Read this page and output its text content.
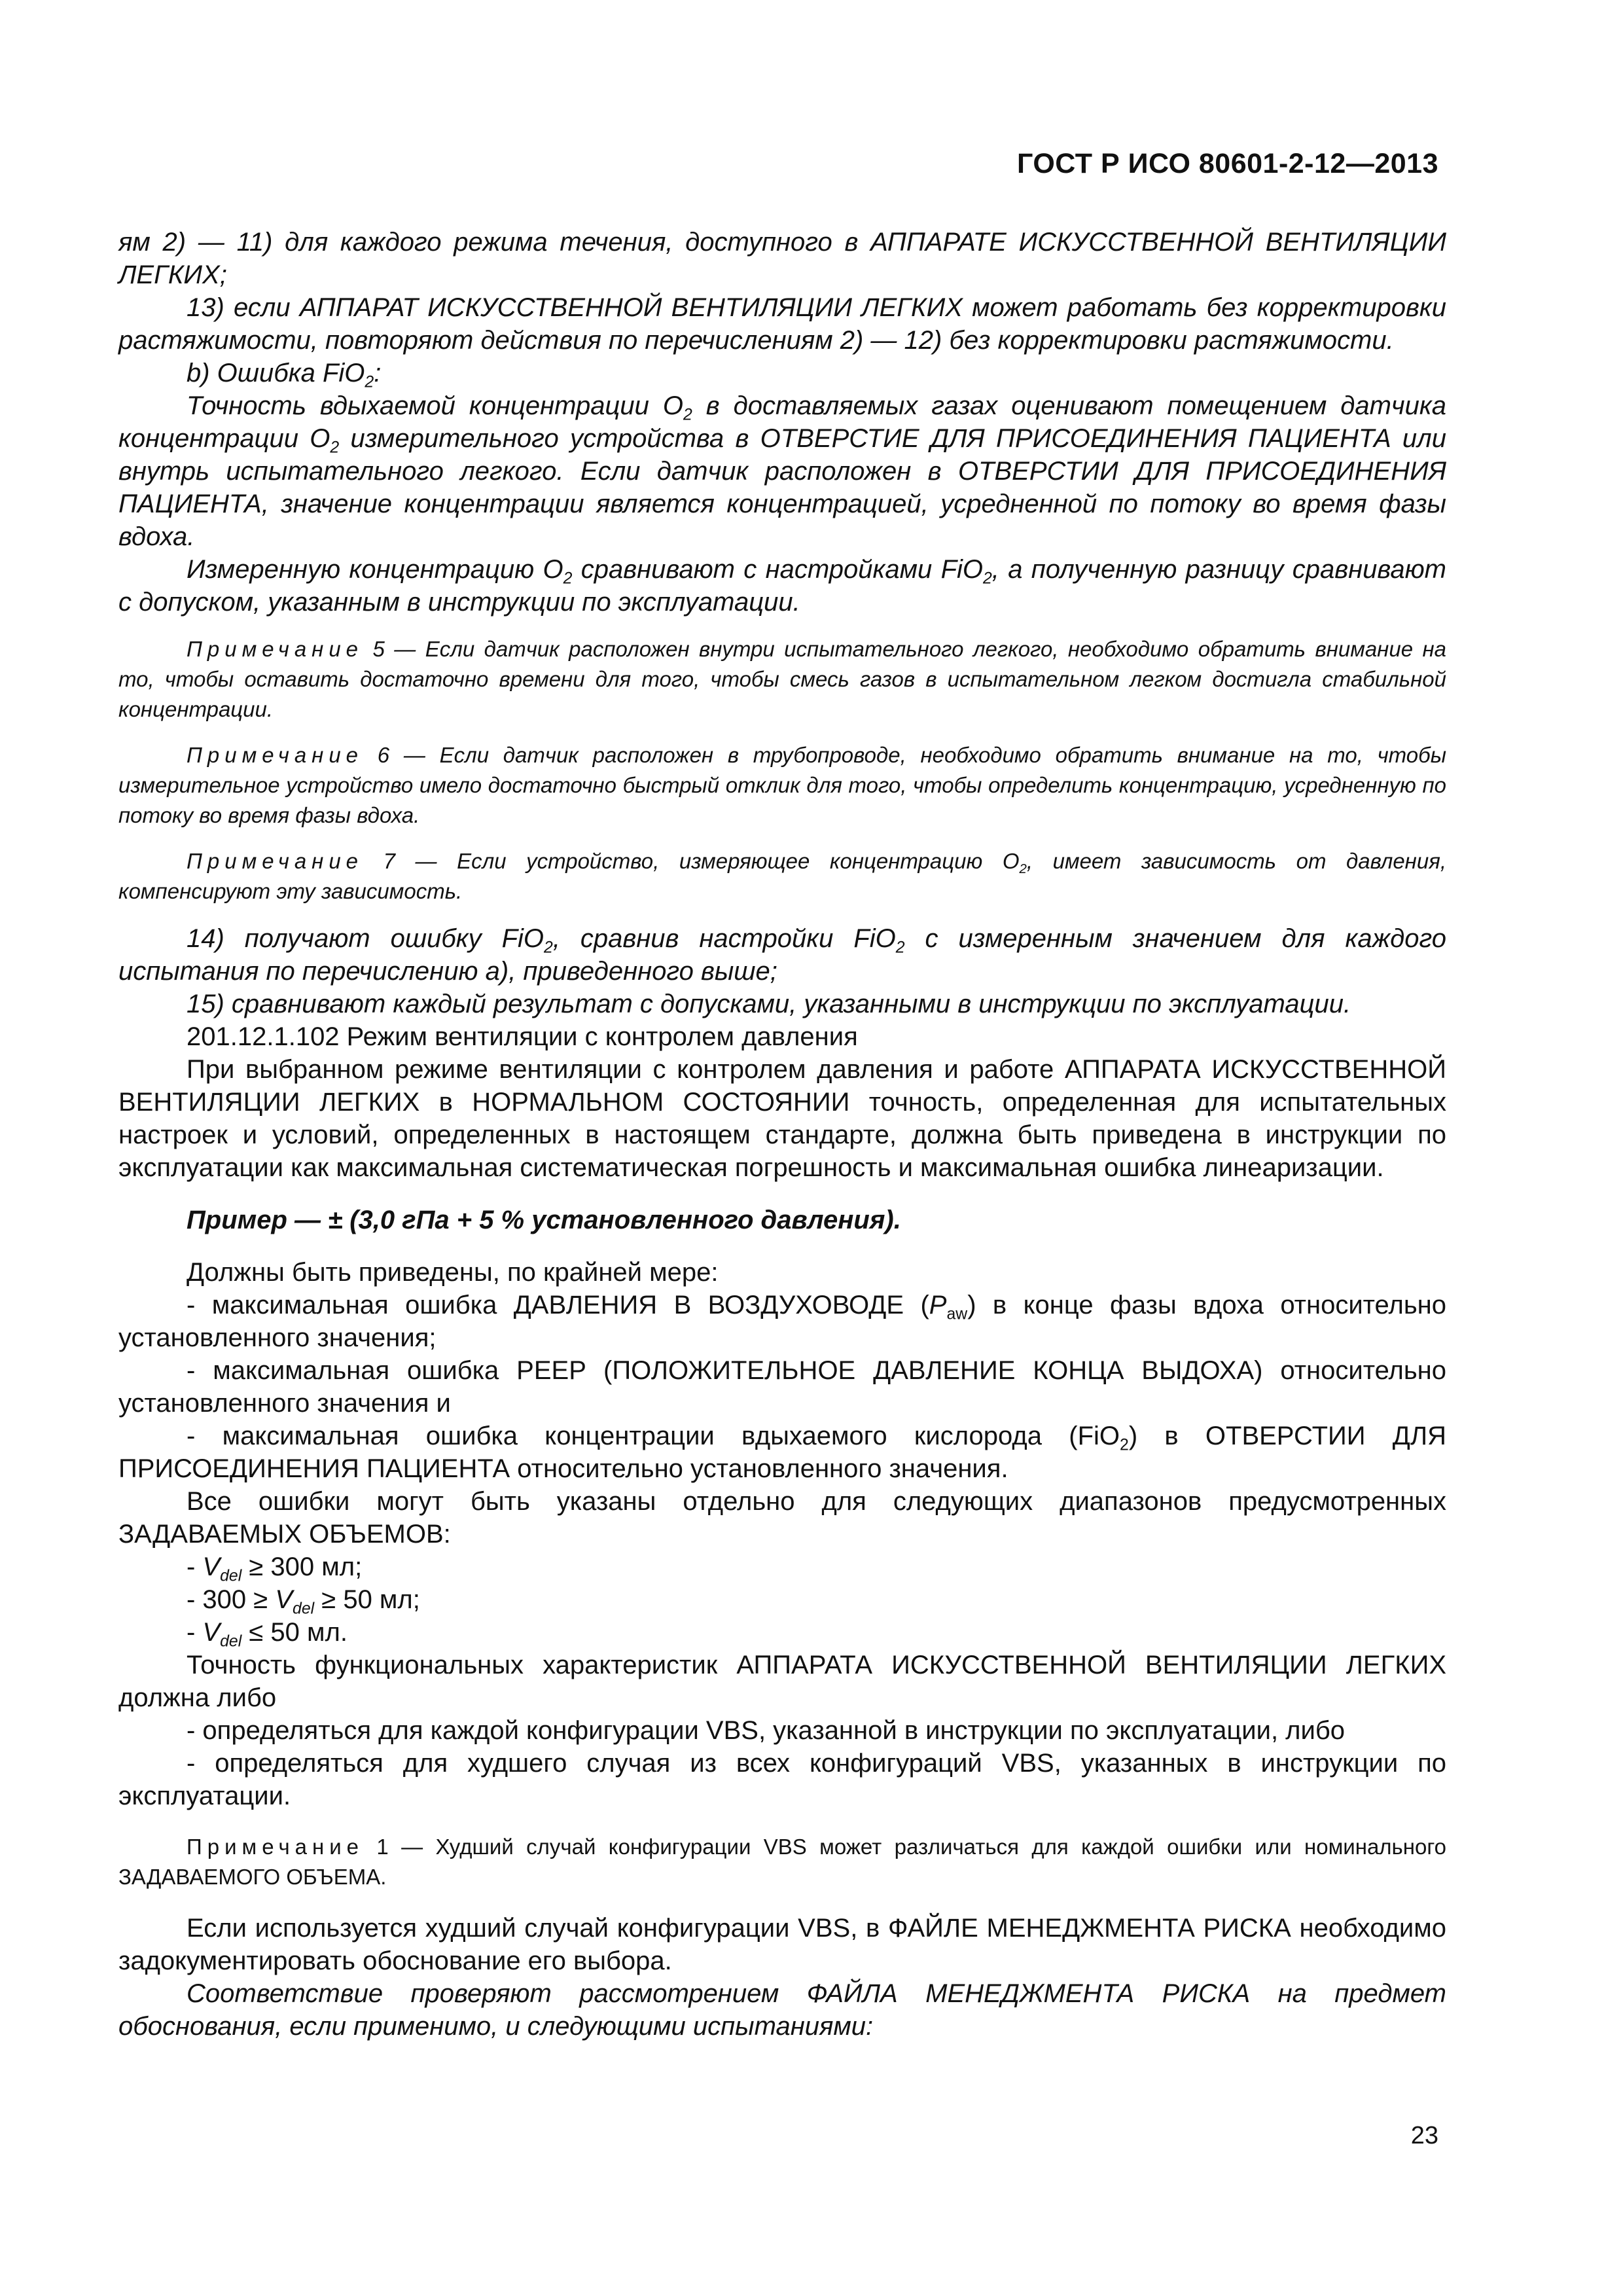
ГОСТ Р ИСО 80601-2-12—2013

ям 2) — 11) для каждого режима течения, доступного в АППАРАТЕ ИСКУССТВЕННОЙ ВЕНТИЛЯЦИИ ЛЕГКИХ;

13) если АППАРАТ ИСКУССТВЕННОЙ ВЕНТИЛЯЦИИ ЛЕГКИХ может работать без корректировки растяжимости, повторяют действия по перечислениям 2) — 12) без корректировки растяжимости.

b) Ошибка FiO$_2$:

Точность вдыхаемой концентрации $О_2$ в доставляемых газах оценивают помещением датчика концентрации $О_2$ измерительного устройства в ОТВЕРСТИЕ ДЛЯ ПРИСОЕДИНЕНИЯ ПАЦИЕНТА или внутрь испытательного легкого. Если датчик расположен в ОТВЕРСТИИ ДЛЯ ПРИСОЕДИНЕНИЯ ПАЦИЕНТА, значение концентрации является концентрацией, усредненной по потоку во время фазы вдоха.

Измеренную концентрацию $О_2$ сравнивают с настройками FiO$_2$, а полученную разницу сравнивают с допуском, указанным в инструкции по эксплуатации.

Примечание 5 — Если датчик расположен внутри испытательного легкого, необходимо обратить внимание на то, чтобы оставить достаточно времени для того, чтобы смесь газов в испытательном легком достигла стабильной концентрации.

Примечание 6 — Если датчик расположен в трубопроводе, необходимо обратить внимание на то, чтобы измерительное устройство имело достаточно быстрый отклик для того, чтобы определить концентрацию, усредненную по потоку во время фазы вдоха.

Примечание 7 — Если устройство, измеряющее концентрацию $О_2$, имеет зависимость от давления, компенсируют эту зависимость.

14) получают ошибку FiO$_2$, сравнив настройки FiO$_2$ с измеренным значением для каждого испытания по перечислению а), приведенного выше;

15) сравнивают каждый результат с допусками, указанными в инструкции по эксплуатации.

201.12.1.102 Режим вентиляции с контролем давления

При выбранном режиме вентиляции с контролем давления и работе АППАРАТА ИСКУССТВЕННОЙ ВЕНТИЛЯЦИИ ЛЕГКИХ в НОРМАЛЬНОМ СОСТОЯНИИ точность, определенная для испытательных настроек и условий, определенных в настоящем стандарте, должна быть приведена в инструкции по эксплуатации как максимальная систематическая погрешность и максимальная ошибка линеаризации.

Пример — ± (3,0 гПа + 5 % установленного давления).

Должны быть приведены, по крайней мере:

- максимальная ошибка ДАВЛЕНИЯ В ВОЗДУХОВОДЕ $(P_{aw})$ в конце фазы вдоха относительно установленного значения;

- максимальная ошибка PEEP (ПОЛОЖИТЕЛЬНОЕ ДАВЛЕНИЕ КОНЦА ВЫДОХА) относительно установленного значения и

- максимальная ошибка концентрации вдыхаемого кислорода (FiO$_2$) в ОТВЕРСТИИ ДЛЯ ПРИСОЕДИНЕНИЯ ПАЦИЕНТА относительно установленного значения.

Все ошибки могут быть указаны отдельно для следующих диапазонов предусмотренных ЗАДАВАЕМЫХ ОБЪЕМОВ:

- $V_{del} \ge 300$ мл;

- $300 \ge V_{del} \ge 50$ мл;

- $V_{del} \le 50$ мл.

Точность функциональных характеристик АППАРАТА ИСКУССТВЕННОЙ ВЕНТИЛЯЦИИ ЛЕГКИХ должна либо

- определяться для каждой конфигурации VBS, указанной в инструкции по эксплуатации, либо

- определяться для худшего случая из всех конфигураций VBS, указанных в инструкции по эксплуатации.

Примечание 1 — Худший случай конфигурации VBS может различаться для каждой ошибки или номинального ЗАДАВАЕМОГО ОБЪЕМА.

Если используется худший случай конфигурации VBS, в ФАЙЛЕ МЕНЕДЖМЕНТА РИСКА необходимо задокументировать обоснование его выбора.

Соответствие проверяют рассмотрением ФАЙЛА МЕНЕДЖМЕНТА РИСКА на предмет обоснования, если применимо, и следующими испытаниями:

23
